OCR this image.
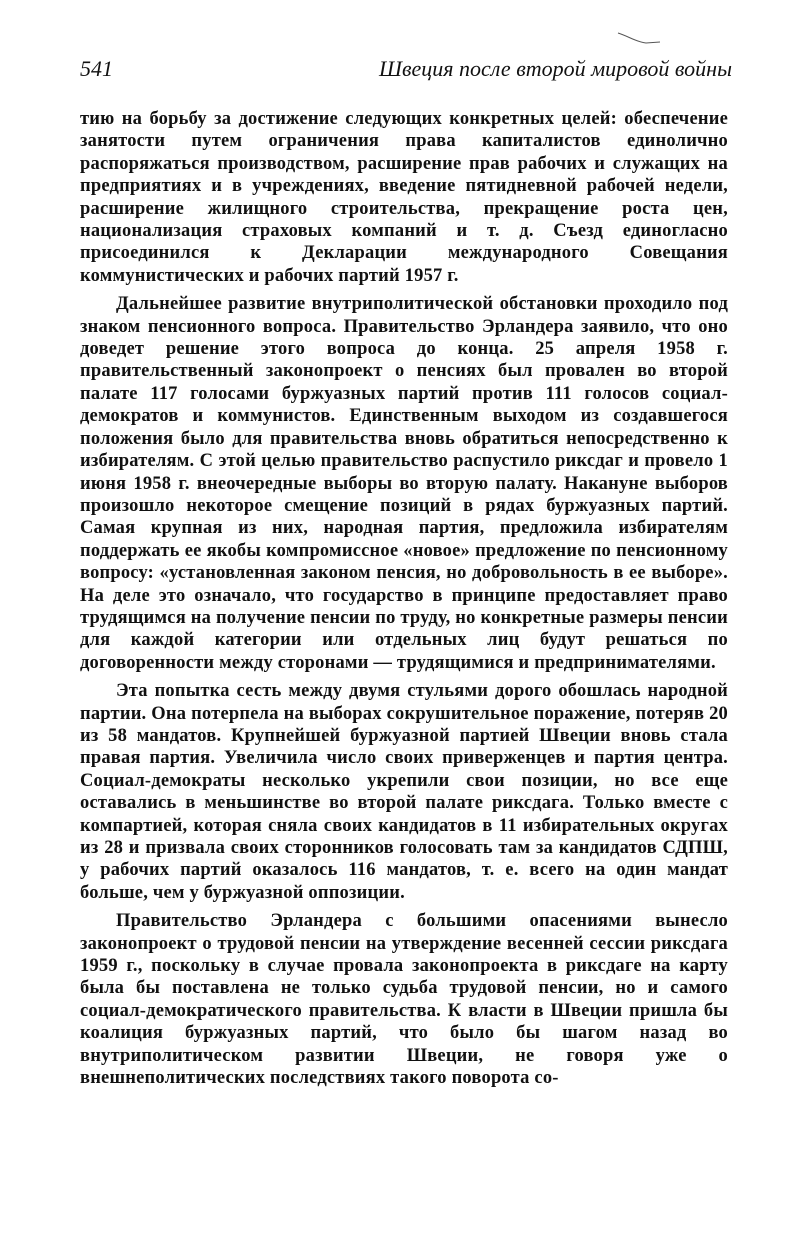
541	Швеция после второй мировой войны

тию на борьбу за достижение следующих конкретных целей: обеспечение занятости путем ограничения права капиталистов единолично распоряжаться производством, расширение прав рабочих и служащих на предприятиях и в учреждениях, введение пятидневной рабочей недели, расширение жилищного строительства, прекращение роста цен, национализация страховых компаний и т. д. Съезд единогласно присоединился к Декларации международного Совещания коммунистических и рабочих партий 1957 г.

Дальнейшее развитие внутриполитической обстановки проходило под знаком пенсионного вопроса. Правительство Эрландера заявило, что оно доведет решение этого вопроса до конца. 25 апреля 1958 г. правительственный законопроект о пенсиях был провален во второй палате 117 голосами буржуазных партий против 111 голосов социал-демократов и коммунистов. Единственным выходом из создавшегося положения было для правительства вновь обратиться непосредственно к избирателям. С этой целью правительство распустило риксдаг и провело 1 июня 1958 г. внеочередные выборы во вторую палату. Накануне выборов произошло некоторое смещение позиций в рядах буржуазных партий. Самая крупная из них, народная партия, предложила избирателям поддержать ее якобы компромиссное «новое» предложение по пенсионному вопросу: «установленная законом пенсия, но добровольность в ее выборе». На деле это означало, что государство в принципе предоставляет право трудящимся на получение пенсии по труду, но конкретные размеры пенсии для каждой категории или отдельных лиц будут решаться по договоренности между сторонами — трудящимися и предпринимателями.

Эта попытка сесть между двумя стульями дорого обошлась народной партии. Она потерпела на выборах сокрушительное поражение, потеряв 20 из 58 мандатов. Крупнейшей буржуазной партией Швеции вновь стала правая партия. Увеличила число своих приверженцев и партия центра. Социал-демократы несколько укрепили свои позиции, но все еще оставались в меньшинстве во второй палате риксдага. Только вместе с компартией, которая сняла своих кандидатов в 11 избирательных округах из 28 и призвала своих сторонников голосовать там за кандидатов СДПШ, у рабочих партий оказалось 116 мандатов, т. е. всего на один мандат больше, чем у буржуазной оппозиции.

Правительство Эрландера с большими опасениями вынесло законопроект о трудовой пенсии на утверждение весенней сессии риксдага 1959 г., поскольку в случае провала законопроекта в риксдаге на карту была бы поставлена не только судьба трудовой пенсии, но и самого социал-демократического правительства. К власти в Швеции пришла бы коалиция буржуазных партий, что было бы шагом назад во внутриполитическом развитии Швеции, не говоря уже о внешнеполитических последствиях такого поворота со-
